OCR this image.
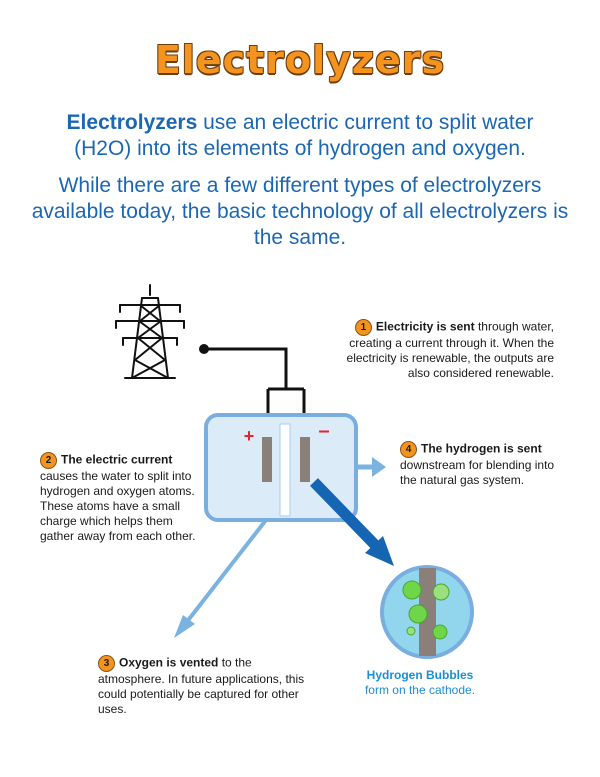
Electrolyzers
Electrolyzers use an electric current to split water
(H2O) into its elements of hydrogen and oxygen.
While there are a few different types of electrolyzers available today, the basic technology of all electrolyzers is the same.
+	–
1 Electricity is sent through water, creating a current through it. When the electricity is renewable, the outputs are also considered renewable.
2 The electric current causes the water to split into hydrogen and oxygen atoms. These atoms have a small charge which helps them gather away from each other.
3 Oxygen is vented to the atmosphere. In future applications, this could potentially be captured for other uses.
4 The hydrogen is sent downstream for blending into the natural gas system.
Hydrogen Bubbles
form on the cathode.
